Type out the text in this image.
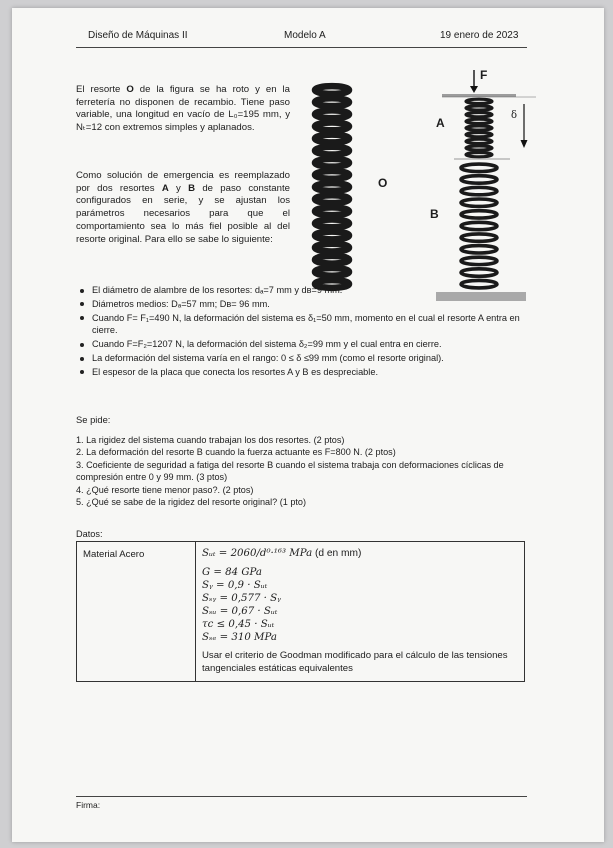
Diseño de Máquinas II	Modelo A	19 enero de 2023

El resorte O de la figura se ha roto y en la ferretería no disponen de recambio. Tiene paso variable, una longitud en vacío de L₀=195 mm, y Nₜ=12 con extremos simples y aplanados.

Como solución de emergencia es reemplazado por dos resortes A y B de paso constante configurados en serie, y se ajustan los parámetros necesarios para que el comportamiento sea lo más fiel posible al del resorte original. Para ello se sabe lo siguiente:

O
A
B
F
δ
El diámetro de alambre de los resortes: dₐ=7 mm y dв=9 mm.
Diámetros medios: Dₐ=57 mm; Dв= 96 mm.
Cuando F= F₁=490 N, la deformación del sistema es δ₁=50 mm, momento en el cual el resorte A entra en cierre.
Cuando F=F₂=1207 N, la deformación del sistema δ₂=99 mm y el cual entra en cierre.
La deformación del sistema varía en el rango: 0 ≤ δ ≤99 mm (como el resorte original).
El espesor de la placa que conecta los resortes A y B es despreciable.
Se pide:
1. La rigidez del sistema cuando trabajan los dos resortes. (2 ptos)
2. La deformación del resorte B cuando la fuerza actuante es F=800 N. (2 ptos)
3. Coeficiente de seguridad a fatiga del resorte B cuando el sistema trabaja con deformaciones cíclicas de compresión entre 0 y 99 mm. (3 ptos)
4. ¿Qué resorte tiene menor paso?. (2 ptos)
5. ¿Qué se sabe de la rigidez del resorte original? (1 pto)
Datos:
Material Acero	Sᵤₜ = 2060/d⁰·¹⁶³ MPa (d en mm)
G = 84 GPa
Sᵧ = 0,9 · Sᵤₜ
Sₛᵧ = 0,577 · Sᵧ
Sₛᵤ = 0,67 · Sᵤₜ
τc ≤ 0,45 · Sᵤₜ
Sₛₑ = 310 MPa
Usar el criterio de Goodman modificado para el cálculo de las tensiones tangenciales estáticas equivalentes
Firma:
